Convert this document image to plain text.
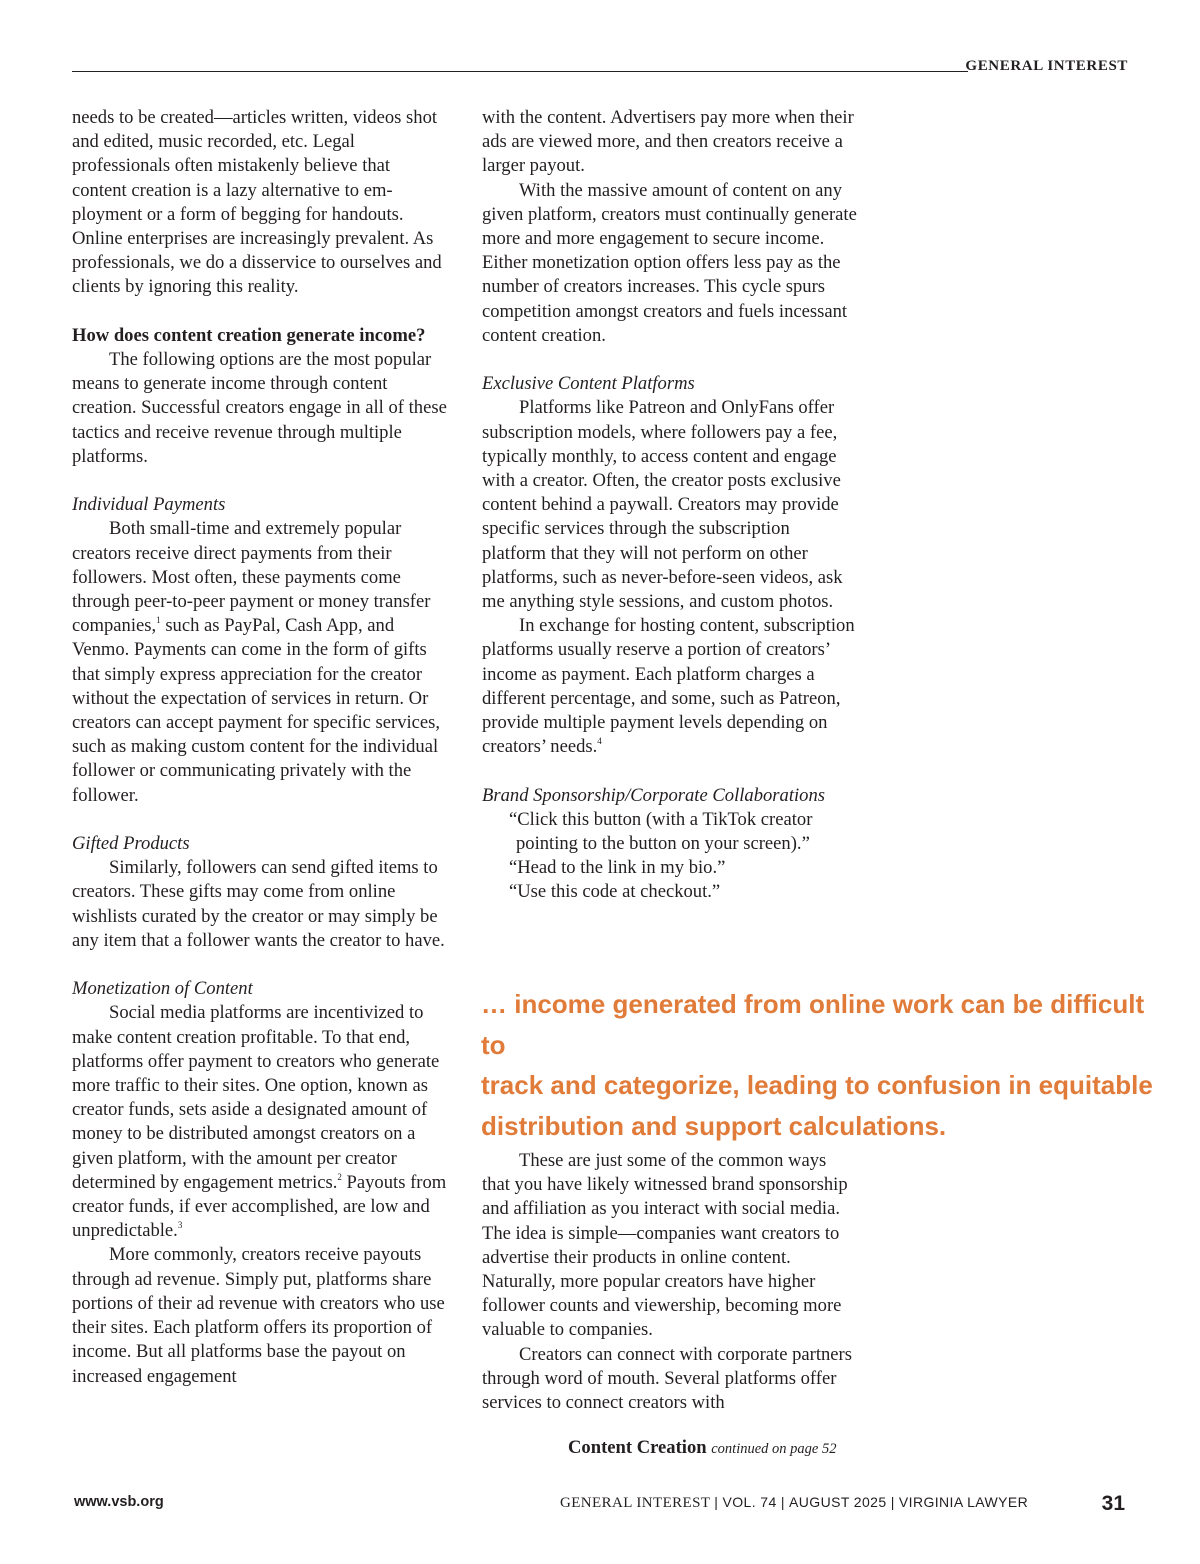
GENERAL INTEREST

needs to be created—articles written, videos shot and edited, music recorded, etc. Legal professionals often mistakenly believe that content creation is a lazy alternative to employment or a form of begging for handouts. Online enterprises are increasingly prevalent. As professionals, we do a disservice to ourselves and clients by ignoring this reality.

How does content creation generate income?

The following options are the most popular means to generate income through content creation. Successful creators engage in all of these tactics and receive revenue through multiple platforms.

Individual Payments

Both small-time and extremely popular creators receive direct payments from their followers. Most often, these payments come through peer-to-peer payment or money transfer companies,$^1$ such as PayPal, Cash App, and Venmo. Payments can come in the form of gifts that simply express appreciation for the creator without the expectation of services in return. Or creators can accept payment for specific services, such as making custom content for the individual follower or communicating privately with the follower.

Gifted Products

Similarly, followers can send gifted items to creators. These gifts may come from online wishlists curated by the creator or may simply be any item that a follower wants the creator to have.

Monetization of Content

Social media platforms are incentivized to make content creation profitable. To that end, platforms offer payment to creators who generate more traffic to their sites. One option, known as creator funds, sets aside a designated amount of money to be distributed amongst creators on a given platform, with the amount per creator determined by engagement metrics.$^2$ Payouts from creator funds, if ever accomplished, are low and unpredictable.$^3$

More commonly, creators receive payouts through ad revenue. Simply put, platforms share portions of their ad revenue with creators who use their sites. Each platform offers its proportion of income. But all platforms base the payout on increased engagement

with the content. Advertisers pay more when their ads are viewed more, and then creators receive a larger payout.

With the massive amount of content on any given platform, creators must continually generate more and more engagement to secure income. Either monetization option offers less pay as the number of creators increases. This cycle spurs competition amongst creators and fuels incessant content creation.

Exclusive Content Platforms

Platforms like Patreon and OnlyFans offer subscription models, where followers pay a fee, typically monthly, to access content and engage with a creator. Often, the creator posts exclusive content behind a paywall. Creators may provide specific services through the subscription platform that they will not perform on other platforms, such as never-before-seen videos, ask me anything style sessions, and custom photos.

In exchange for hosting content, subscription platforms usually reserve a portion of creators’ income as payment. Each platform charges a different percentage, and some, such as Patreon, provide multiple payment levels depending on creators’ needs.$^4$

Brand Sponsorship/Corporate Collaborations

“Click this button (with a TikTok creator pointing to the button on your screen).”

“Head to the link in my bio.”

“Use this code at checkout.”

… income generated from online work can be difficult to
track and categorize, leading to confusion in equitable
distribution and support calculations.

These are just some of the common ways that you have likely witnessed brand sponsorship and affiliation as you interact with social media. The idea is simple—companies want creators to advertise their products in online content. Naturally, more popular creators have higher follower counts and viewership, becoming more valuable to companies.

Creators can connect with corporate partners through word of mouth. Several platforms offer services to connect creators with

Content Creation continued on page 52
www.vsb.org	GENERAL INTEREST | VOL. 74 | AUGUST 2025 | VIRGINIA LAWYER	31
